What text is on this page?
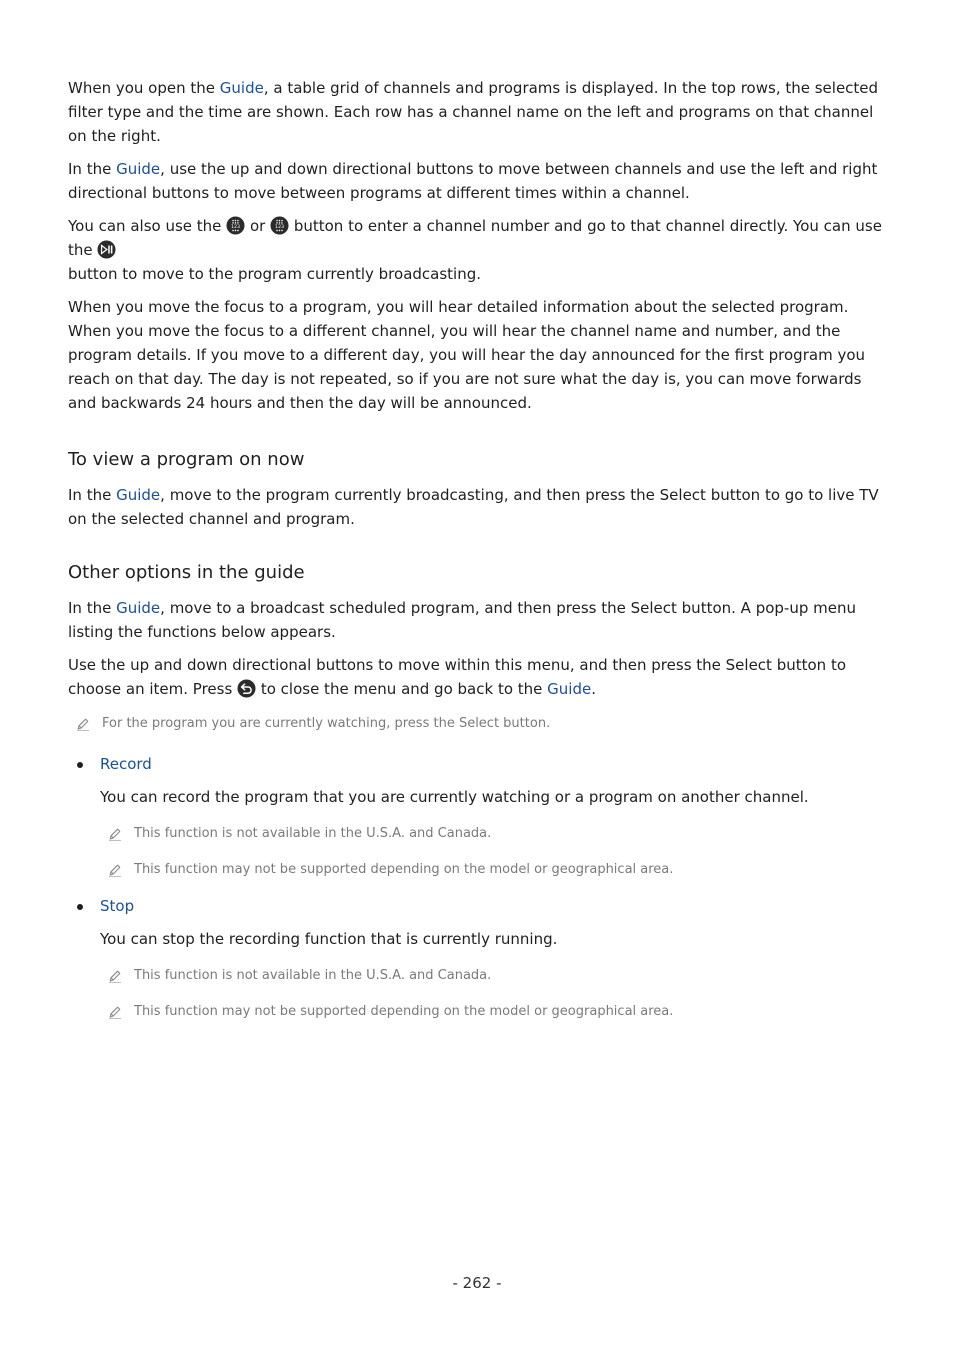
When you open the Guide, a table grid of channels and programs is displayed. In the top rows, the selected filter type and the time are shown. Each row has a channel name on the left and programs on that channel on the right.

In the Guide, use the up and down directional buttons to move between channels and use the left and right directional buttons to move between programs at different times within a channel.

You can also use the  or  button to enter a channel number and go to that channel directly. You can use the
button to move to the program currently broadcasting.

When you move the focus to a program, you will hear detailed information about the selected program. When you move the focus to a different channel, you will hear the channel name and number, and the program details. If you move to a different day, you will hear the day announced for the first program you reach on that day. The day is not repeated, so if you are not sure what the day is, you can move forwards and backwards 24 hours and then the day will be announced.

To view a program on now

In the Guide, move to the program currently broadcasting, and then press the Select button to go to live TV on the selected channel and program.

Other options in the guide

In the Guide, move to a broadcast scheduled program, and then press the Select button. A pop-up menu listing the functions below appears.

Use the up and down directional buttons to move within this menu, and then press the Select button to choose an item. Press  to close the menu and go back to the Guide.

For the program you are currently watching, press the Select button.
Record

You can record the program that you are currently watching or a program on another channel.

This function is not available in the U.S.A. and Canada.
This function may not be supported depending on the model or geographical area.
Stop

You can stop the recording function that is currently running.

This function is not available in the U.S.A. and Canada.
This function may not be supported depending on the model or geographical area.
- 262 -
